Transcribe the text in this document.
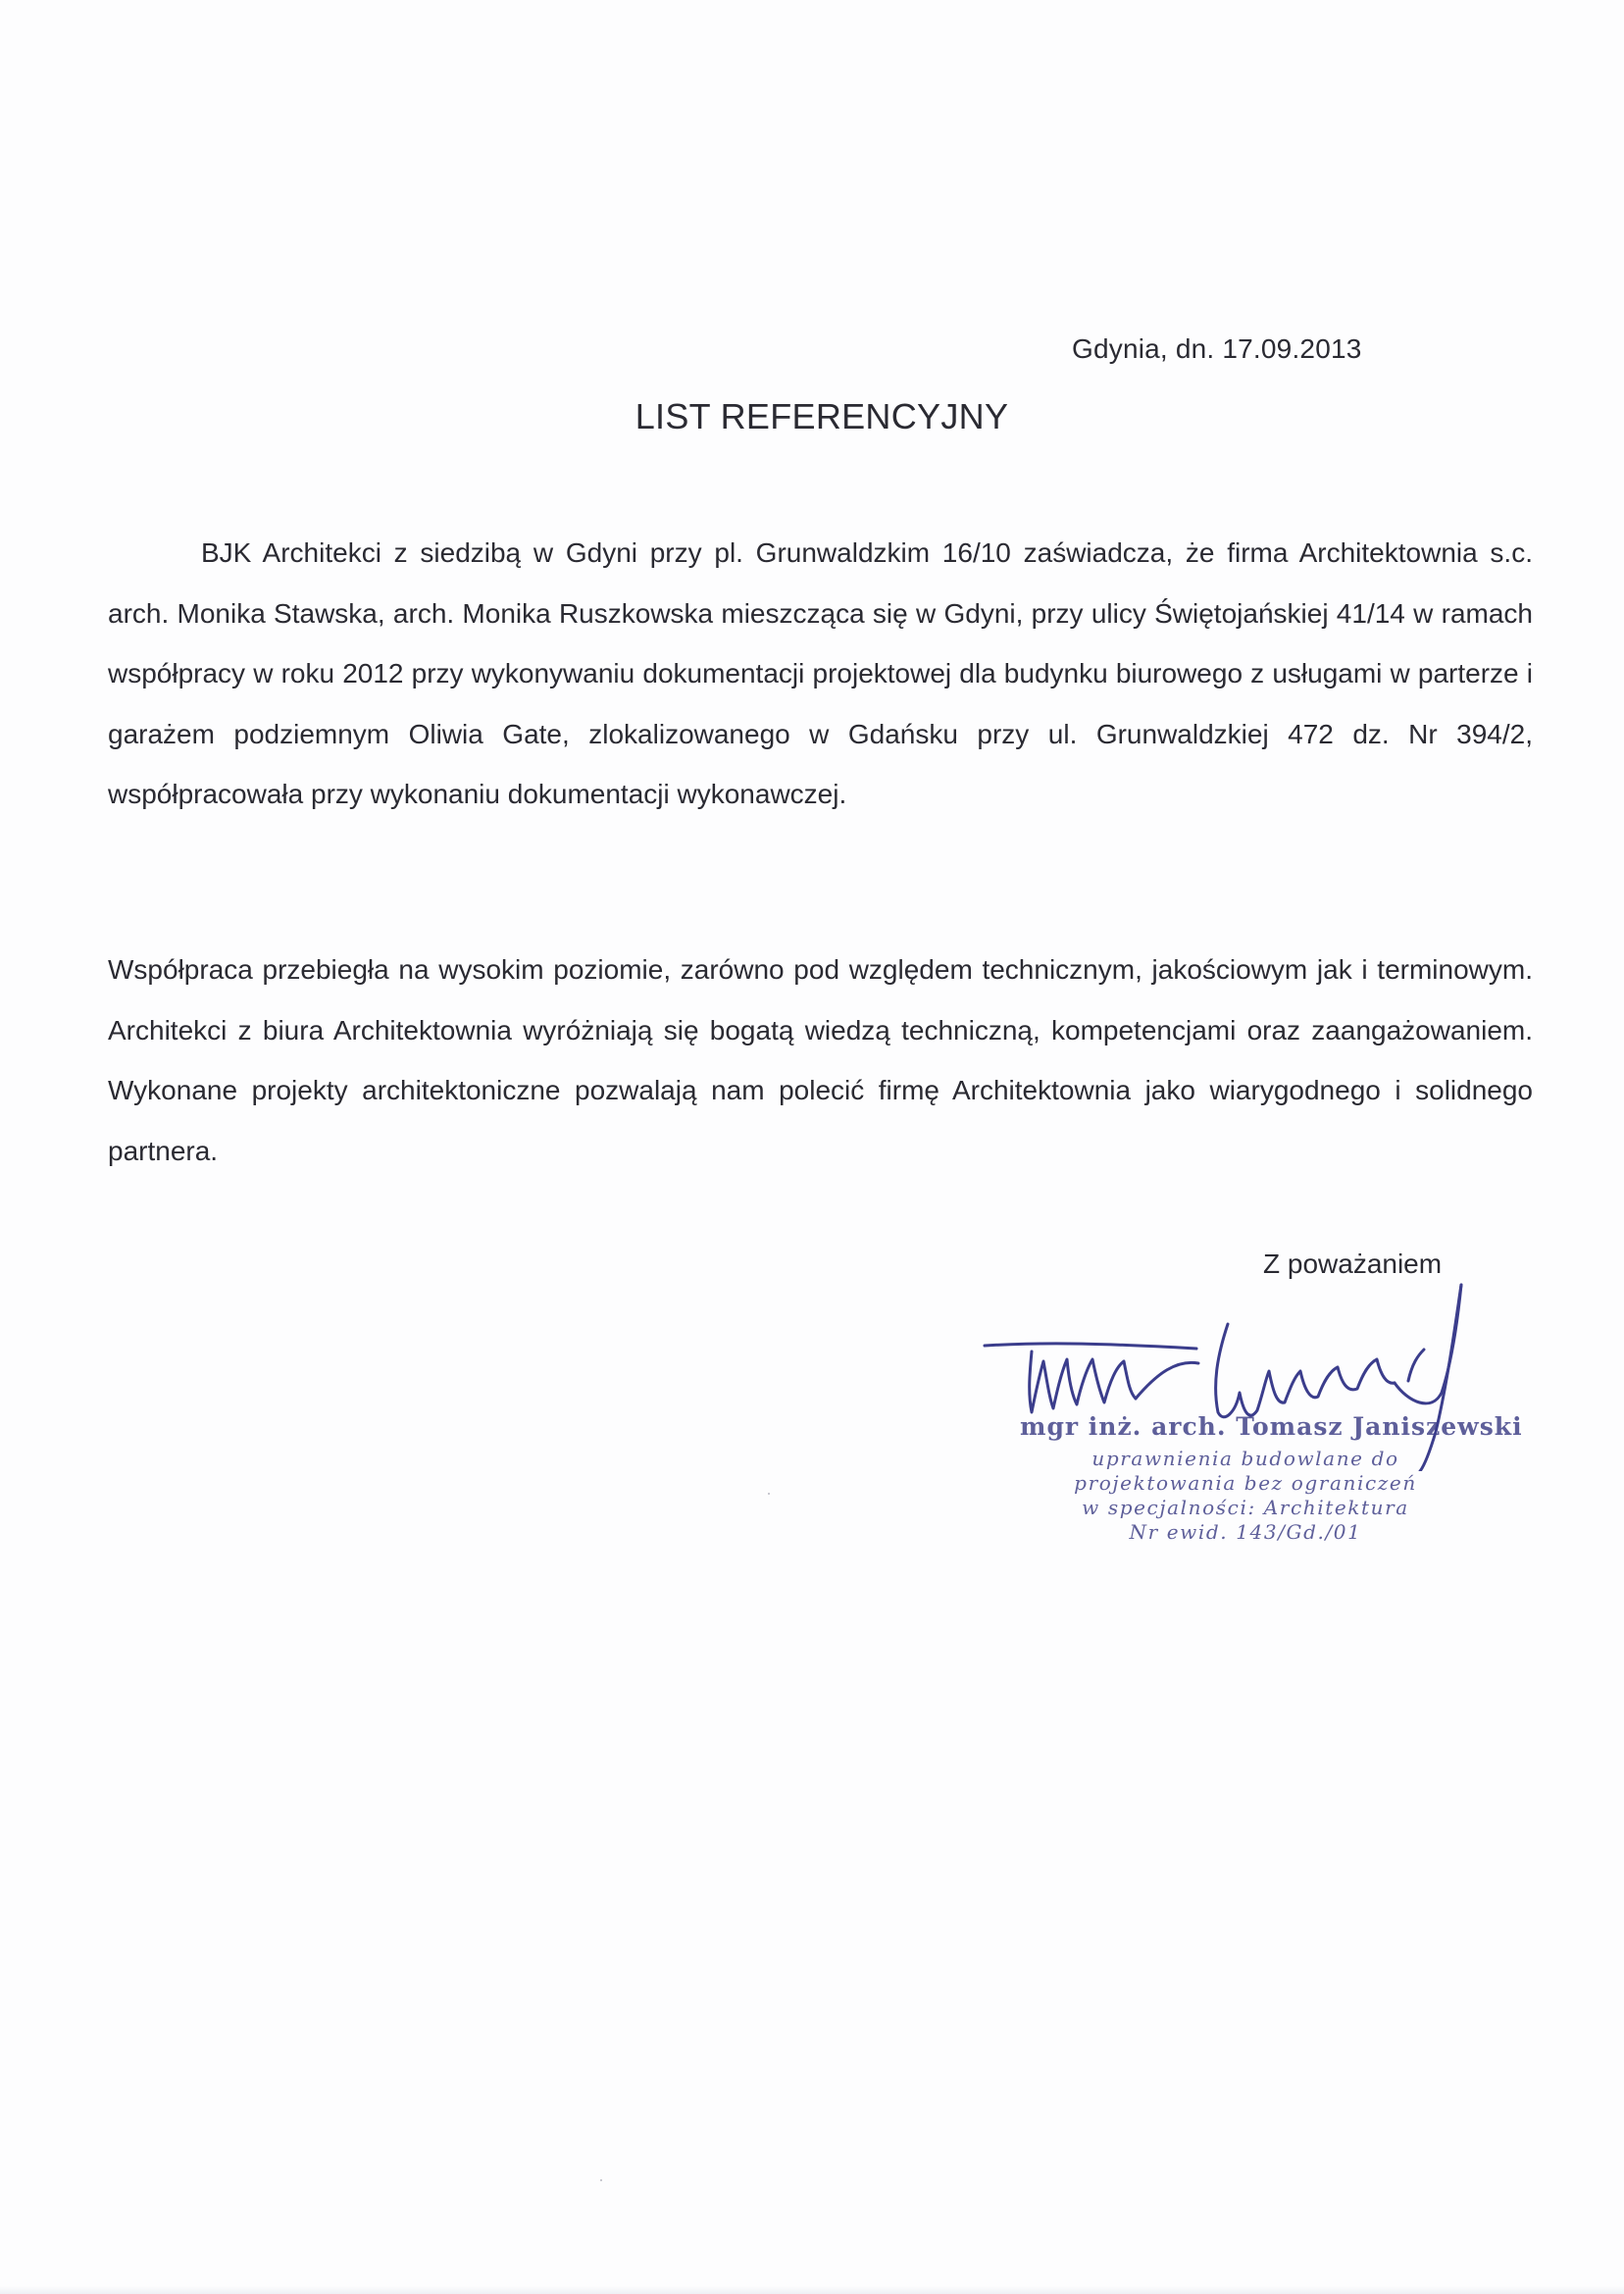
Gdynia, dn. 17.09.2013
LIST REFERENCYJNY

BJK Architekci z siedzibą w Gdyni przy pl. Grunwaldzkim 16/10 zaświadcza, że firma Architektownia s.c. arch. Monika Stawska, arch. Monika Ruszkowska mieszcząca się w Gdyni, przy ulicy Świętojańskiej 41/14 w ramach współpracy w roku 2012 przy wykonywaniu dokumentacji projektowej dla budynku biurowego z usługami w parterze i garażem podziemnym Oliwia Gate, zlokalizowanego w Gdańsku przy ul. Grunwaldzkiej 472 dz. Nr 394/2, współpracowała przy wykonaniu dokumentacji wykonawczej.

Współpraca przebiegła na wysokim poziomie, zarówno pod względem technicznym, jakościowym jak i terminowym. Architekci z biura Architektownia wyróżniają się bogatą wiedzą techniczną, kompetencjami oraz zaangażowaniem. Wykonane projekty architektoniczne pozwalają nam polecić firmę Architektownia jako wiarygodnego i solidnego partnera.

Z poważaniem
mgr inż. arch. Tomasz Janiszewski
uprawnienia budowlane do
projektowania bez ograniczeń
w specjalności: Architektura
Nr ewid. 143/Gd./01
